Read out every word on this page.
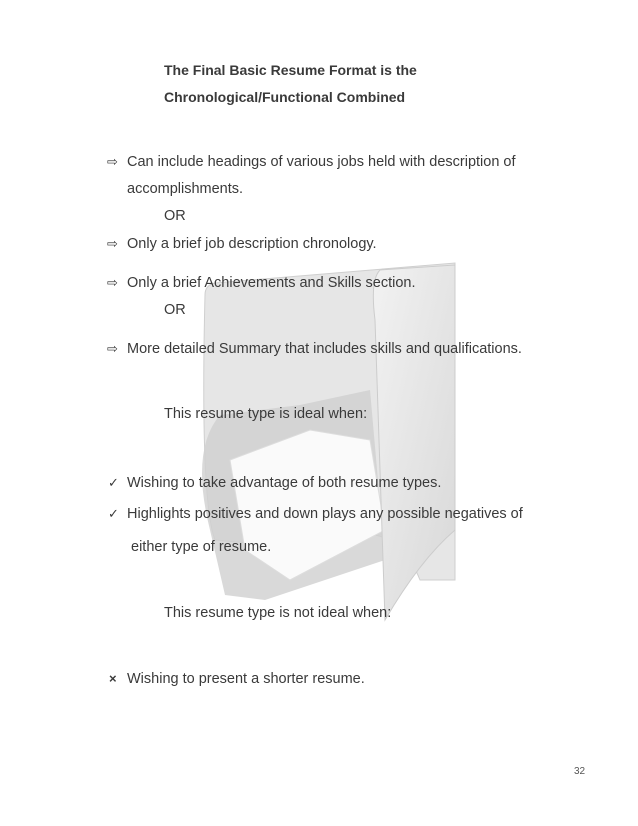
The Final Basic Resume Format is the
Chronological/Functional Combined
⇨ Can include headings of various jobs held with description of
accomplishments.
OR
⇨ Only a brief job description chronology.
⇨ Only a brief Achievements and Skills section.
OR
⇨ More detailed Summary that includes skills and qualifications.
This resume type is ideal when:
✓ Wishing to take advantage of both resume types.
✓ Highlights positives and down plays any possible negatives of
either type of resume.
This resume type is not ideal when:
× Wishing to present a shorter resume.
32
